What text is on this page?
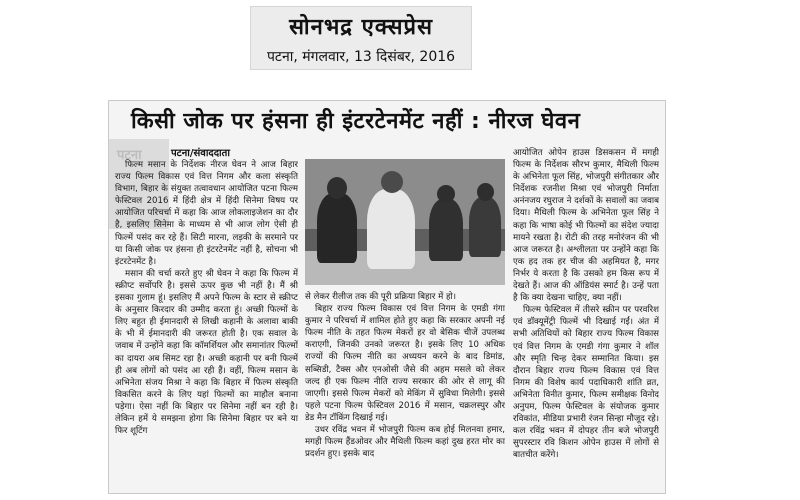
सोनभद्र एक्सप्रेस
पटना, मंगलवार, 13 दिसंबर, 2016
किसी जोक पर हंसना ही इंटरटेनमेंट नहीं : नीरज घेवन
पटना	पटना/संवाददाता

फिल्म मसान के निर्देशक नीरज घेवन ने आज बिहार राज्य फिल्म विकास एवं वित्त निगम और कला संस्कृति विभाग, बिहार के संयुक्त तत्वावधान आयोजित पटना फिल्म फेस्टिवल 2016 में हिंदी क्षेत्र में हिंदी सिनेमा विषय पर आयोजित परिचर्चा में कहा कि आज लोकलाइजेशन का दौर है, इसलिए सिनेमा के माध्यम से भी आज लोग ऐसी ही फिल्में पसंद कर रहे हैं। सिटी मारना, लड़की के सरमाने पर या किसी जोक पर हंसना ही इंटरटेनमेंट नहीं है, सोचना भी इंटरटेनमेंट है।

मसान की चर्चा करते हुए श्री घेवन ने कहा कि फिल्म में स्क्रीप्ट सर्वोपरि है। इससे ऊपर कुछ भी नहीं है। मैं श्री इसका गुलाम हूं। इसलिए मैं अपने फिल्म के स्टार से स्क्रीप्ट के अनुसार किरदार की उम्मीद करता हूं। अच्छी फिल्मों के लिए बहुत ही ईमानदारी से लिखी कहानी के अलावा बाकी के भी में ईमानदारी की जरूरत होती है। एक सवाल के जवाब में उन्होंने कहा कि कॉमर्शियल और समानांतर फिल्मों का दायरा अब सिमट रहा है। अच्छी कहानी पर बनी फिल्में ही अब लोगों को पसंद आ रही हैं। वहीं, फिल्म मसान के अभिनेता संजय मिश्रा ने कहा कि बिहार में फिल्म संस्कृति विकसित करने के लिए यहां फिल्मों का माहौल बनाना पड़ेगा। ऐसा नहीं कि बिहार पर सिनेमा नहीं बन रही है। लेकिन हमें ये समझना होगा कि सिनेमा बिहार पर बने या फिर शूटिंग

से लेकर रीलीज तक की पूरी प्रक्रिया बिहार में हो।

बिहार राज्य फिल्म विकास एवं वित्त निगम के एमडी गंगा कुमार ने परिचर्चा में शामिल होते हुए कहा कि सरकार अपनी नई फिल्म नीति के तहत फिल्म मेकरों हर वो बेसिक चीजें उपलब्ध कराएगी, जिनकी उनको जरूरत है। इसके लिए 10 अधिक राज्यों की फिल्म नीति का अध्ययन करने के बाद डिमांड, सब्सिडी, टैक्स और एनओसी जैसे की अहम मसले को लेकर जल्द ही एक फिल्म नीति राज्य सरकार की ओर से लागू की जाएगी। इससे फिल्म मेकरों को मेकिंग में सुविधा मिलेगी। इससे पहले पटना फिल्म फेस्टिवल 2016 में मसान, चक्रलस्पुर और डेड मैन टॉकिंग दिखाई गई।

उधर रविंद्र भवन में भोजपुरी फिल्म कब होई मिलनवा हमार, मगही फिल्म हैंडओवर और मैथिली फिल्म कहां दुख हरत मोर का प्रदर्शन हुए। इसके बाद

आयोजित ओपेन हाउस डिसकसन में मगही फिल्म के निर्देशक सौरभ कुमार, मैथिली फिल्म के अभिनेता फूल सिंह, भोजपुरी संगीतकार और निर्देशक रजनीश मिश्रा एवं भोजपुरी निर्माता अनंनजय रघुराज ने दर्शकों के सवालों का जवाब दिया। मैथिली फिल्म के अभिनेता फूल सिंह ने कहा कि भाषा कोई भी फिल्मों का संदेश ज्यादा मायने रखता है। रोटी की तरह मनोरंजन की भी आज जरूरत है। अश्लीलता पर उन्होंने कहा कि एक हद तक हर चीज की अहमियत है, मगर निर्भर ये करता है कि उसको हम किस रूप में देखते हैं। आज की ऑडियंस स्मार्ट है। उन्हें पता है कि क्या देखना चाहिए, क्या नहीं।

फिल्म फेस्टिवल में तीसरे स्क्रीन पर परवरिश एवं डॉक्यूमेंट्री फिल्में भी दिखाई गईं। अंत में सभी अतिथियों को बिहार राज्य फिल्म विकास एवं वित्त निगम के एमडी गंगा कुमार ने शॉल और स्मृति चिन्ह देकर सम्मानित किया। इस दौरान बिहार राज्य फिल्म विकास एवं वित्त निगम की विशेष कार्य पदाधिकारी शांति व्रत, अभिनेता विनीत कुमार, फिल्म समीक्षक विनोद अनुपम, फिल्म फेस्टिवल के संयोजक कुमार रविकांत, मीडिया प्रभारी रंजन सिन्हा मौजूद रहे। कल रविंद्र भवन में दोपहर तीन बजे भोजपुरी सुपरस्टार रवि किशन ओपेन हाउस में लोगों से बातचीत करेंगे।
